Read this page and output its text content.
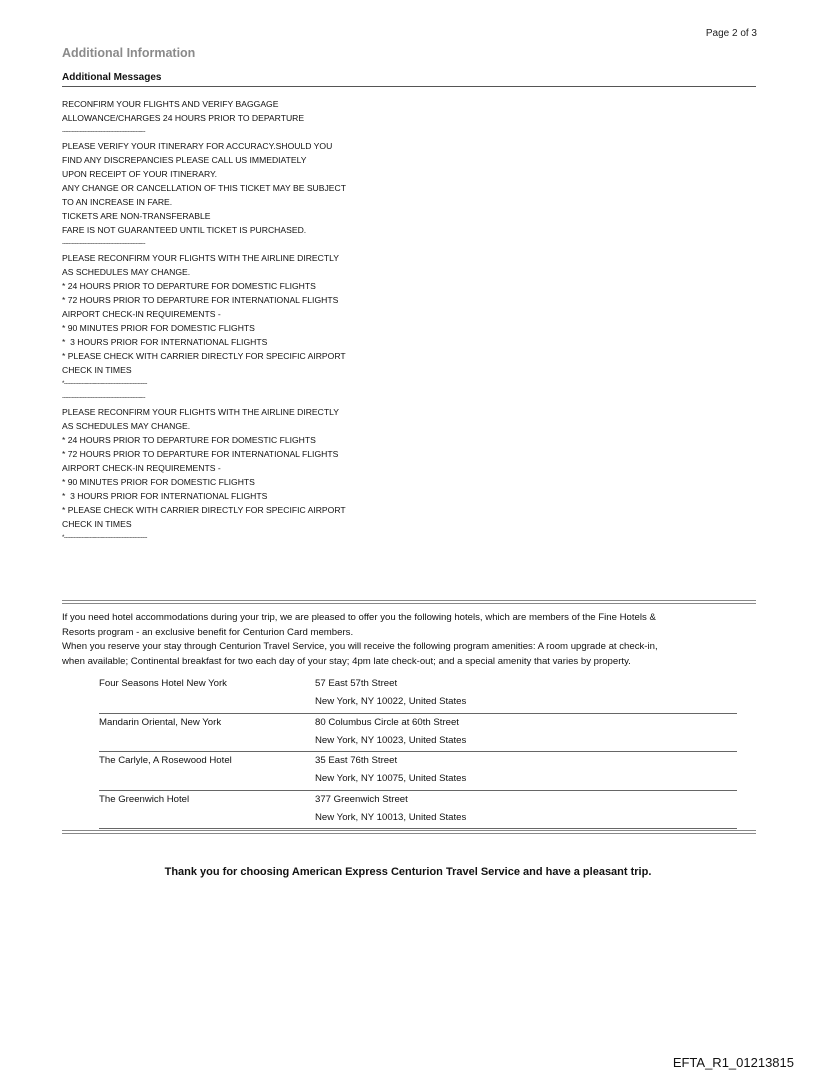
Page 2 of 3
Additional Information
Additional Messages
RECONFIRM YOUR FLIGHTS AND VERIFY BAGGAGE
ALLOWANCE/CHARGES 24 HOURS PRIOR TO DEPARTURE
----------------------------------------------------
PLEASE VERIFY YOUR ITINERARY FOR ACCURACY.SHOULD YOU
FIND ANY DISCREPANCIES PLEASE CALL US IMMEDIATELY
UPON RECEIPT OF YOUR ITINERARY.
ANY CHANGE OR CANCELLATION OF THIS TICKET MAY BE SUBJECT
TO AN INCREASE IN FARE.
TICKETS ARE NON-TRANSFERABLE
FARE IS NOT GUARANTEED UNTIL TICKET IS PURCHASED.
----------------------------------------------------
PLEASE RECONFIRM YOUR FLIGHTS WITH THE AIRLINE DIRECTLY
AS SCHEDULES MAY CHANGE.
* 24 HOURS PRIOR TO DEPARTURE FOR DOMESTIC FLIGHTS
* 72 HOURS PRIOR TO DEPARTURE FOR INTERNATIONAL FLIGHTS
AIRPORT CHECK-IN REQUIREMENTS -
* 90 MINUTES PRIOR FOR DOMESTIC FLIGHTS
*  3 HOURS PRIOR FOR INTERNATIONAL FLIGHTS
* PLEASE CHECK WITH CARRIER DIRECTLY FOR SPECIFIC AIRPORT
CHECK IN TIMES
*----------------------------------------------------
----------------------------------------------------
PLEASE RECONFIRM YOUR FLIGHTS WITH THE AIRLINE DIRECTLY
AS SCHEDULES MAY CHANGE.
* 24 HOURS PRIOR TO DEPARTURE FOR DOMESTIC FLIGHTS
* 72 HOURS PRIOR TO DEPARTURE FOR INTERNATIONAL FLIGHTS
AIRPORT CHECK-IN REQUIREMENTS -
* 90 MINUTES PRIOR FOR DOMESTIC FLIGHTS
*  3 HOURS PRIOR FOR INTERNATIONAL FLIGHTS
* PLEASE CHECK WITH CARRIER DIRECTLY FOR SPECIFIC AIRPORT
CHECK IN TIMES
*----------------------------------------------------
If you need hotel accommodations during your trip, we are pleased to offer you the following hotels, which are members of the Fine Hotels &
Resorts program - an exclusive benefit for Centurion Card members.
When you reserve your stay through Centurion Travel Service, you will receive the following program amenities: A room upgrade at check-in,
when available; Continental breakfast for two each day of your stay; 4pm late check-out; and a special amenity that varies by property.
Four Seasons Hotel New York	57 East 57th Street
New York, NY 10022, United States
Mandarin Oriental, New York	80 Columbus Circle at 60th Street
New York, NY 10023, United States
The Carlyle, A Rosewood Hotel	35 East 76th Street
New York, NY 10075, United States
The Greenwich Hotel	377 Greenwich Street
New York, NY 10013, United States
Thank you for choosing American Express Centurion Travel Service and have a pleasant trip.
EFTA_R1_01213815
